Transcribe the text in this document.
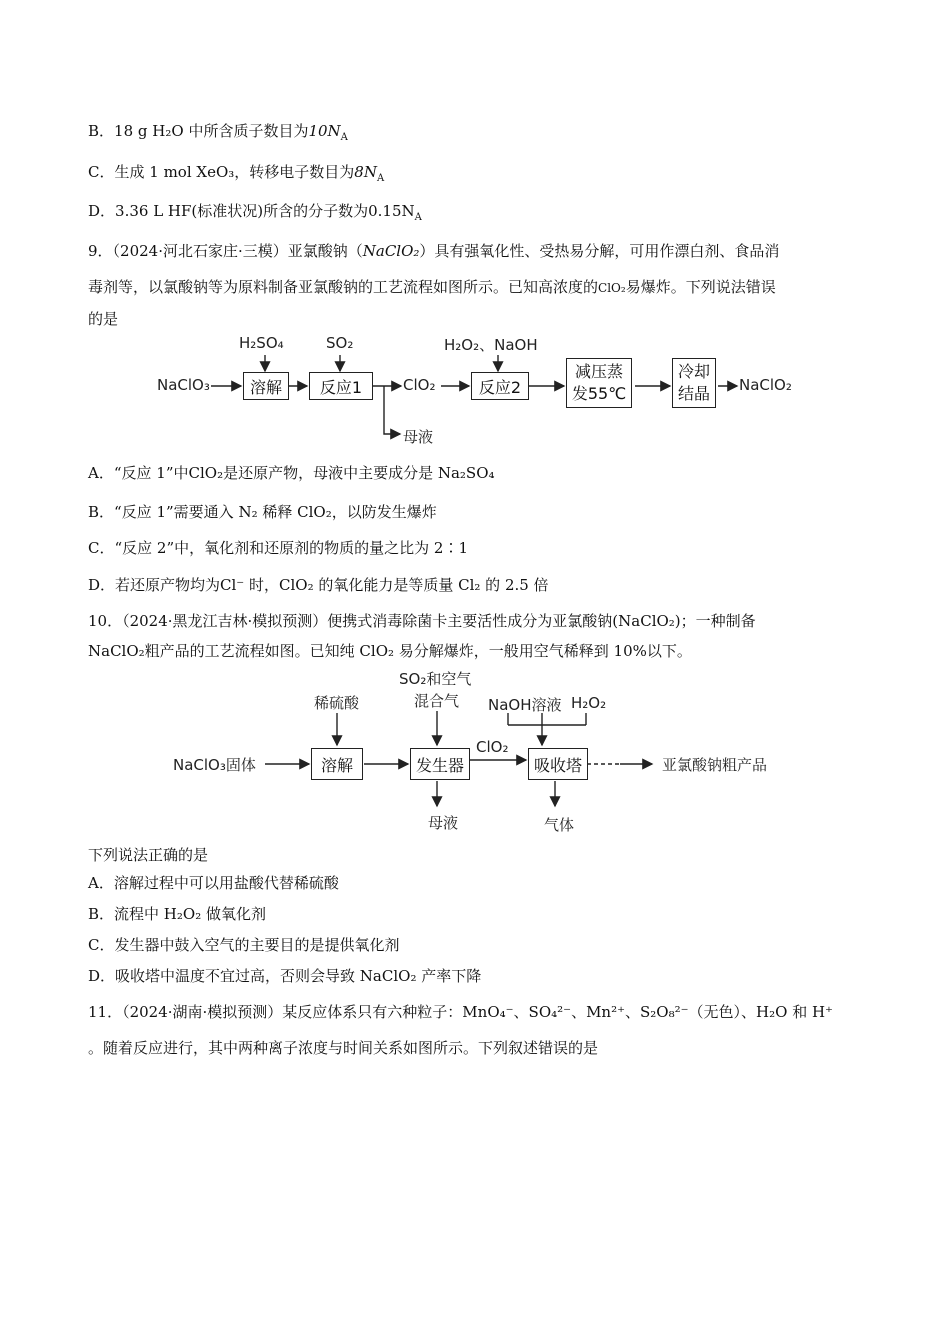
B．18 g H₂O 中所含质子数目为$10N_A$
C．生成 1 mol XeO₃，转移电子数目为$8N_A$
D．3.36 L HF(标准状况)所含的分子数为$0.15N_A$
9．（2024·河北石家庄·三模）亚氯酸钠（NaClO₂）具有强氧化性、受热易分解，可用作漂白剂、食品消
毒剂等，以氯酸钠等为原料制备亚氯酸钠的工艺流程如图所示。已知高浓度的ClO₂易爆炸。下列说法错误
的是
NaClO₃
H₂SO₄
溶解
SO₂
反应1	ClO₂
母液
H₂O₂、NaOH
反应2
减压蒸发55℃
冷却结晶	NaClO₂
A．“反应 1”中ClO₂是还原产物，母液中主要成分是 Na₂SO₄
B．“反应 1”需要通入 N₂ 稀释 ClO₂，以防发生爆炸
C．“反应 2”中，氧化剂和还原剂的物质的量之比为 2∶1
D．若还原产物均为Cl⁻ 时，ClO₂ 的氧化能力是等质量 Cl₂ 的 2.5 倍
10．（2024·黑龙江吉林·模拟预测）便携式消毒除菌卡主要活性成分为亚氯酸钠(NaClO₂)；一种制备
NaClO₂粗产品的工艺流程如图。已知纯 ClO₂ 易分解爆炸，一般用空气稀释到 10%以下。
NaClO₃固体
稀硫酸
溶解
SO₂和空气
混合气
发生器
母液
ClO₂
NaOH溶液 H₂O₂
吸收塔
气体
亚氯酸钠粗产品
下列说法正确的是
A．溶解过程中可以用盐酸代替稀硫酸
B．流程中 H₂O₂ 做氧化剂
C．发生器中鼓入空气的主要目的是提供氧化剂
D．吸收塔中温度不宜过高，否则会导致 NaClO₂ 产率下降
11．（2024·湖南·模拟预测）某反应体系只有六种粒子：MnO₄⁻、SO₄²⁻、Mn²⁺、S₂O₈²⁻（无色）、H₂O 和 H⁺
。随着反应进行，其中两种离子浓度与时间关系如图所示。下列叙述错误的是
